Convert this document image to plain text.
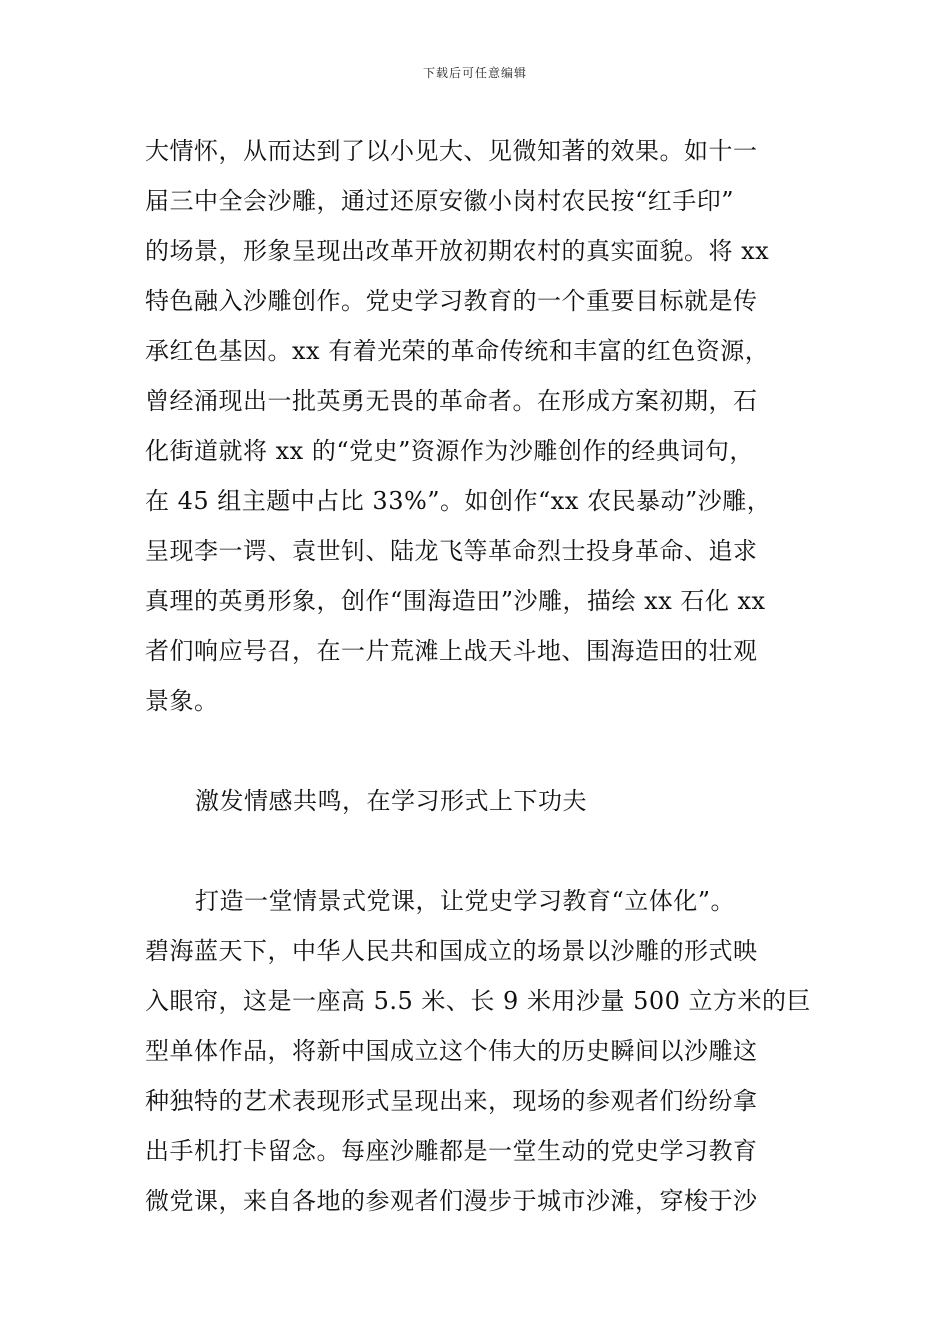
下载后可任意编辑
大情怀，从而达到了以小见大、见微知著的效果。如十一
届三中全会沙雕，通过还原安徽小岗村农民按“红手印”
的场景，形象呈现出改革开放初期农村的真实面貌。将 xx
特色融入沙雕创作。党史学习教育的一个重要目标就是传
承红色基因。xx 有着光荣的革命传统和丰富的红色资源，
曾经涌现出一批英勇无畏的革命者。在形成方案初期，石
化街道就将 xx 的“党史”资源作为沙雕创作的经典词句，
在 45 组主题中占比 33%”。如创作“xx 农民暴动”沙雕，
呈现李一谔、袁世钊、陆龙飞等革命烈士投身革命、追求
真理的英勇形象，创作“围海造田”沙雕，描绘 xx 石化 xx
者们响应号召，在一片荒滩上战天斗地、围海造田的壮观
景象。
激发情感共鸣，在学习形式上下功夫
打造一堂情景式党课，让党史学习教育“立体化”。
碧海蓝天下，中华人民共和国成立的场景以沙雕的形式映
入眼帘，这是一座高 5.5 米、长 9 米用沙量 500 立方米的巨
型单体作品，将新中国成立这个伟大的历史瞬间以沙雕这
种独特的艺术表现形式呈现出来，现场的参观者们纷纷拿
出手机打卡留念。每座沙雕都是一堂生动的党史学习教育
微党课，来自各地的参观者们漫步于城市沙滩，穿梭于沙
